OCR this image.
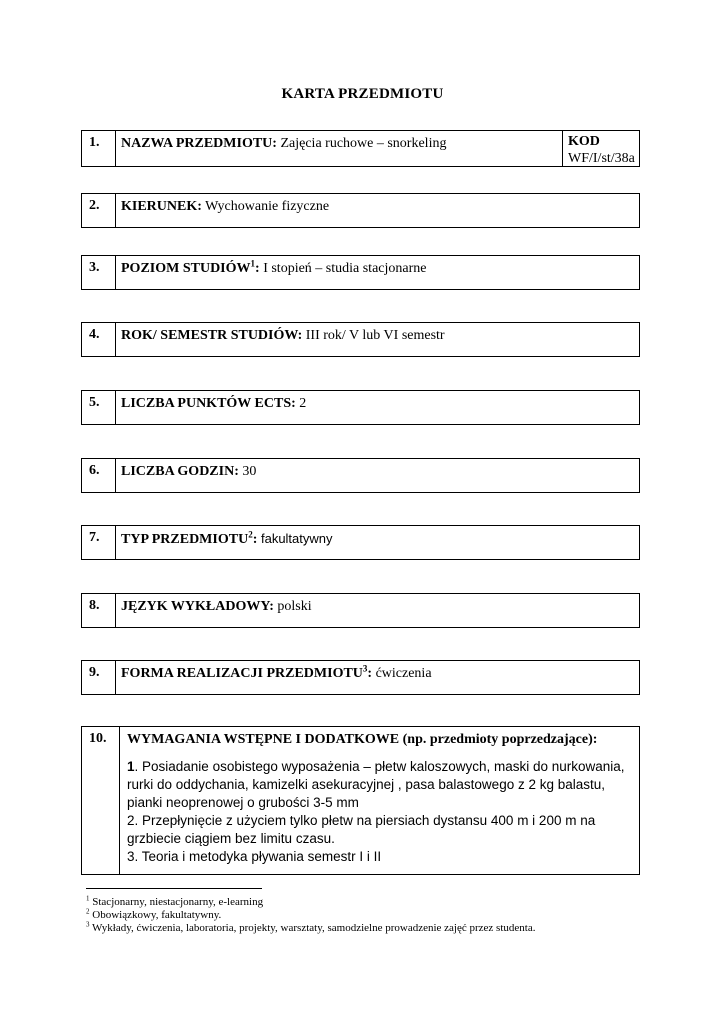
KARTA PRZEDMIOTU
1.	NAZWA PRZEDMIOTU: Zajęcia ruchowe – snorkeling	KOD
WF/I/st/38a
2.	KIERUNEK: Wychowanie fizyczne
3.	POZIOM STUDIÓW$^1$: I stopień – studia stacjonarne
4.	ROK/ SEMESTR STUDIÓW: III rok/ V lub VI semestr
5.	LICZBA PUNKTÓW ECTS: 2
6.	LICZBA GODZIN: 30
7.	TYP PRZEDMIOTU$^2$: fakultatywny
8.	JĘZYK WYKŁADOWY: polski
9.	FORMA REALIZACJI PRZEDMIOTU$^3$: ćwiczenia
10.	WYMAGANIA WSTĘPNE I DODATKOWE (np. przedmioty poprzedzające):
1. Posiadanie osobistego wyposażenia – płetw kaloszowych, maski do nurkowania, rurki do oddychania, kamizelki asekuracyjnej , pasa balastowego z 2 kg balastu, pianki neoprenowej o grubości 3-5 mm
2. Przepłynięcie z użyciem tylko płetw na piersiach dystansu 400 m i 200 m na grzbiecie ciągiem bez limitu czasu.
3. Teoria i metodyka pływania semestr I i II
$^1$ Stacjonarny, niestacjonarny, e-learning
$^2$ Obowiązkowy, fakultatywny.
$^3$ Wykłady, ćwiczenia, laboratoria, projekty, warsztaty, samodzielne prowadzenie zajęć przez studenta.
